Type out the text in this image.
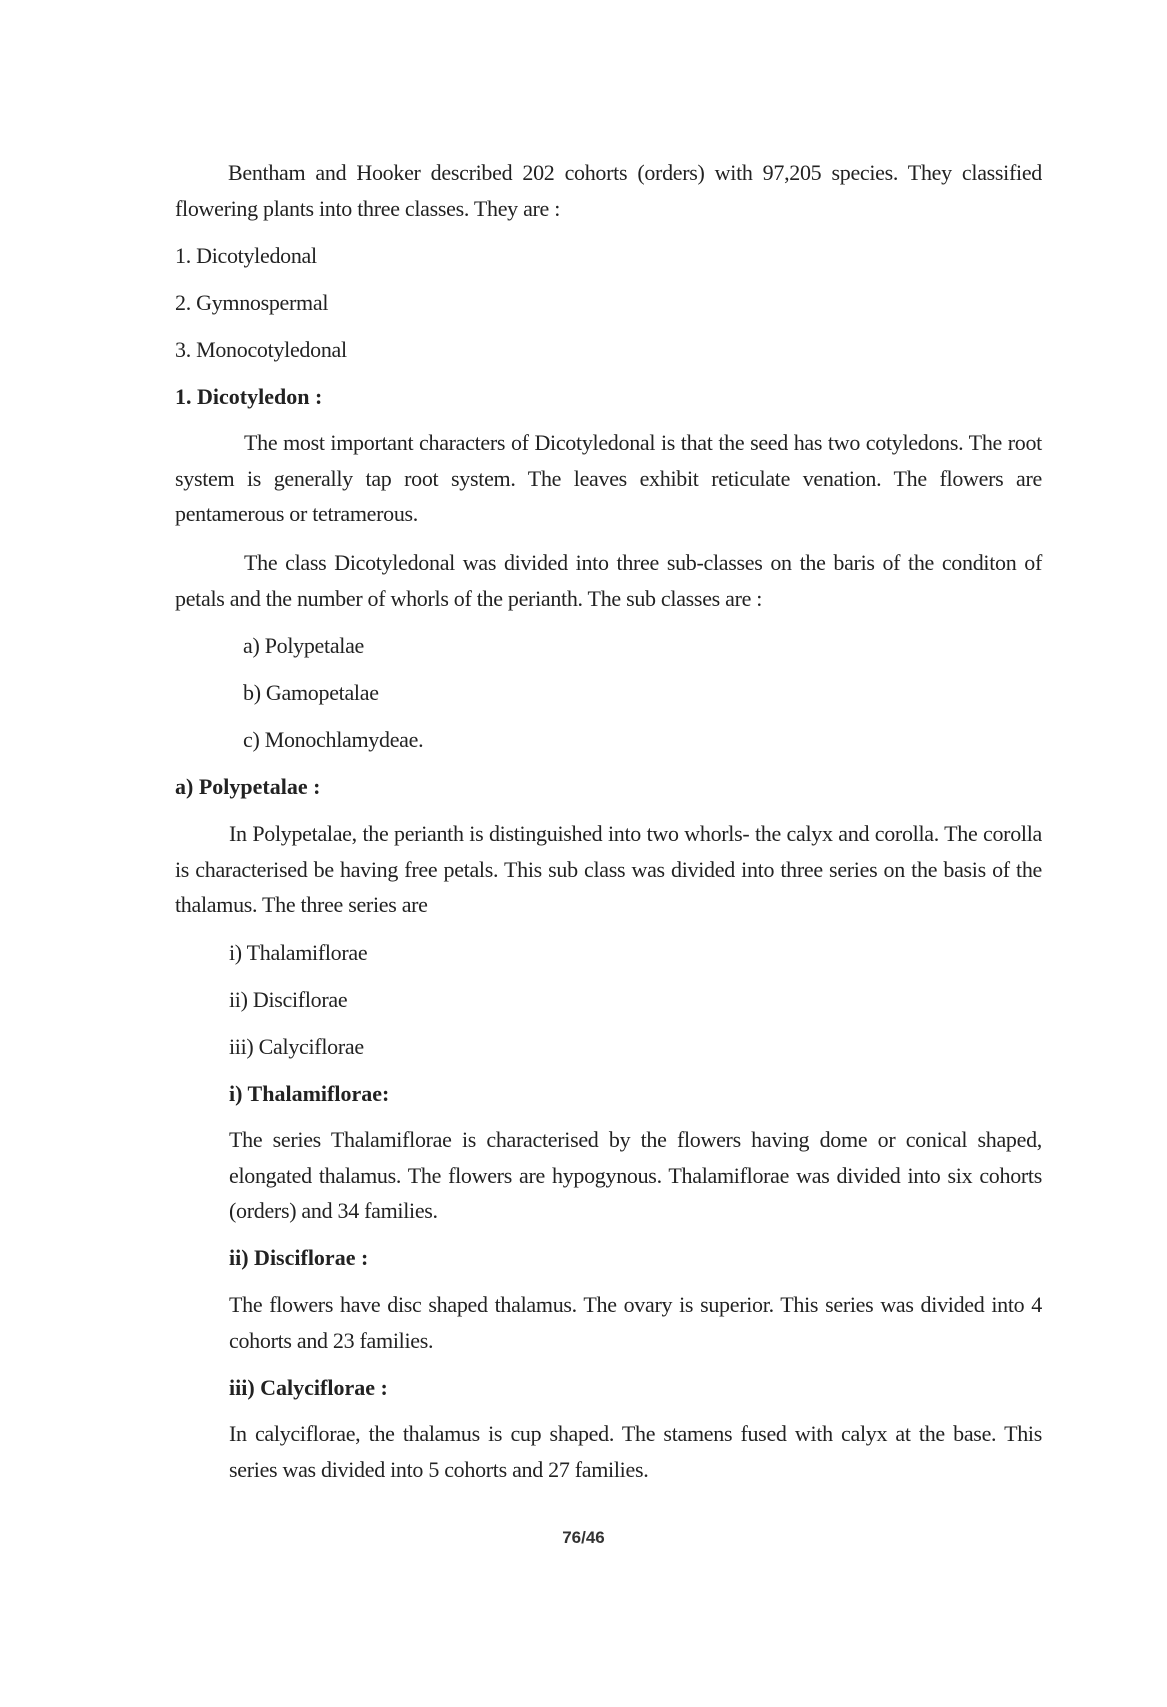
Bentham and Hooker described 202 cohorts (orders) with 97,205 species. They classified flowering plants into three classes. They are :

1. Dicotyledonal
2. Gymnospermal
3. Monocotyledonal
1. Dicotyledon :

The most important characters of Dicotyledonal is that the seed has two cotyledons. The root system is generally tap root system. The leaves exhibit reticulate venation. The flowers are pentamerous or tetramerous.

The class Dicotyledonal was divided into three sub-classes on the baris of the conditon of petals and the number of whorls of the perianth. The sub classes are :

a) Polypetalae
b) Gamopetalae
c) Monochlamydeae.
a) Polypetalae :

In Polypetalae, the perianth is distinguished into two whorls- the calyx and corolla. The corolla is characterised be having free petals. This sub class was divided into three series on the basis of the thalamus. The three series are

i) Thalamiflorae
ii) Disciflorae
iii) Calyciflorae
i) Thalamiflorae:

The series Thalamiflorae is characterised by the flowers having dome or conical shaped, elongated thalamus. The flowers are hypogynous. Thalamiflorae was divided into six cohorts (orders) and 34 families.

ii) Disciflorae :

The flowers have disc shaped thalamus. The ovary is superior. This series was divided into 4 cohorts and 23 families.

iii) Calyciflorae :

In calyciflorae, the thalamus is cup shaped. The stamens fused with calyx at the base. This series was divided into 5 cohorts and 27 families.

76/46
